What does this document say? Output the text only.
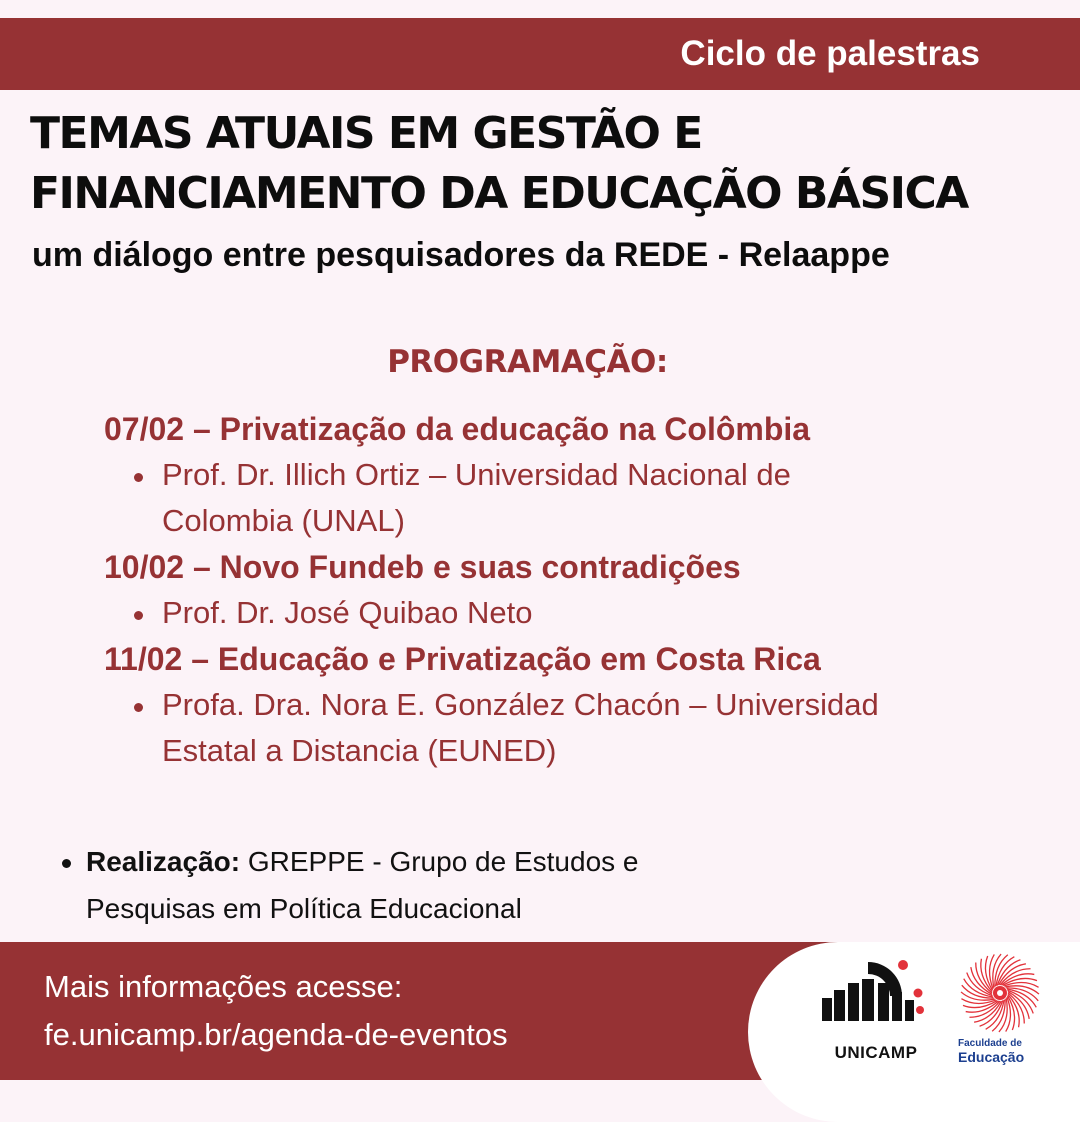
Ciclo de palestras
TEMAS ATUAIS EM GESTÃO E
FINANCIAMENTO DA EDUCAÇÃO BÁSICA
um diálogo entre pesquisadores da REDE - Relaappe
PROGRAMAÇÃO:
07/02 – Privatização da educação na Colômbia
Prof. Dr. Illich Ortiz – Universidad Nacional de
Colombia (UNAL)
10/02 – Novo Fundeb e suas contradições
Prof. Dr. José Quibao Neto
11/02 – Educação e Privatização em Costa Rica
Profa. Dra. Nora E. González Chacón – Universidad
Estatal a Distancia (EUNED)
Realização: GREPPE - Grupo de Estudos e
Pesquisas em Política Educacional
Mais informações acesse:
fe.unicamp.br/agenda-de-eventos
UNICAMP	Faculdade de
Educação
